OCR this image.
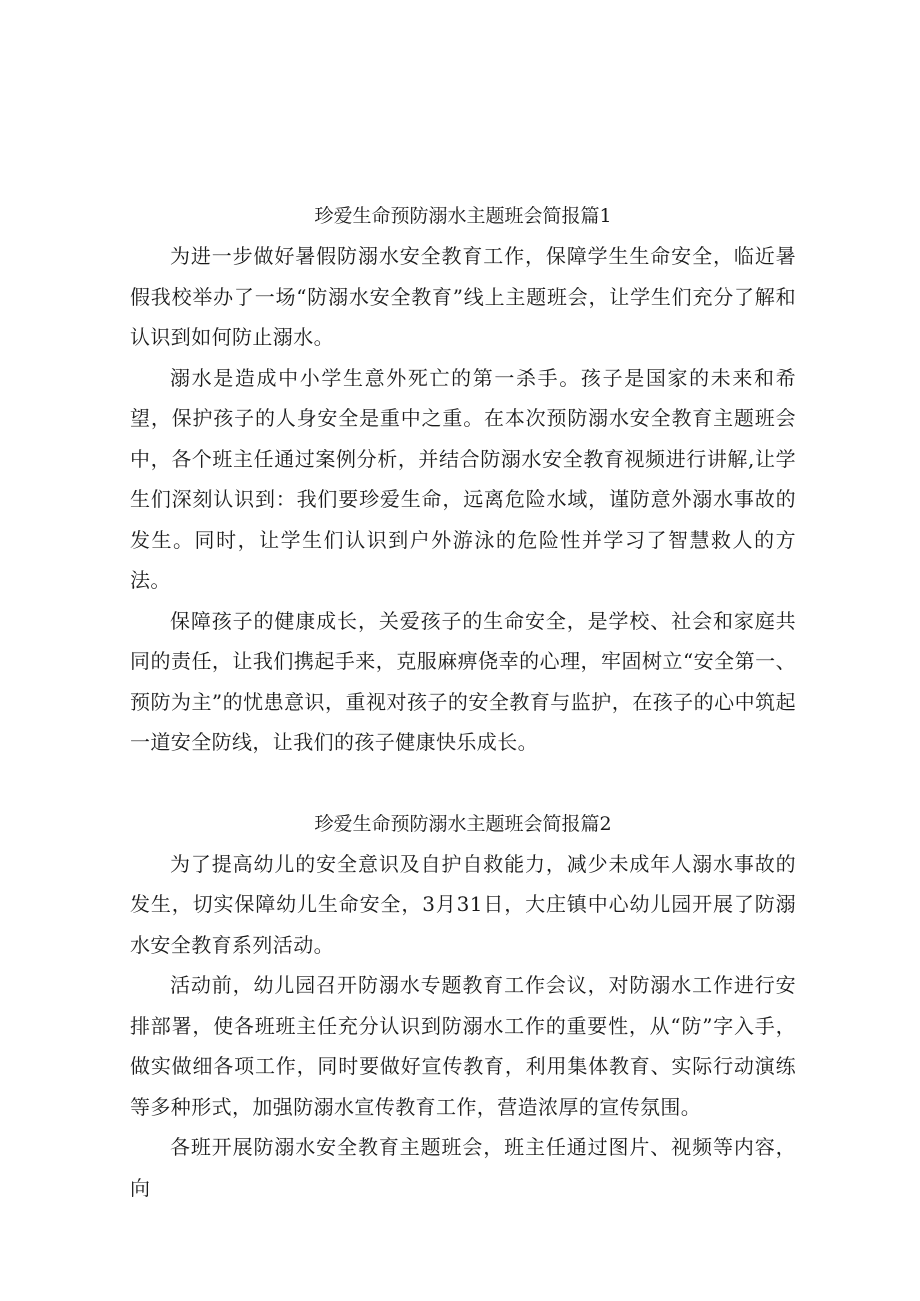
珍爱生命预防溺水主题班会简报篇1

为进一步做好暑假防溺水安全教育工作，保障学生生命安全，临近暑假我校举办了一场“防溺水安全教育”线上主题班会，让学生们充分了解和认识到如何防止溺水。

溺水是造成中小学生意外死亡的第一杀手。孩子是国家的未来和希望，保护孩子的人身安全是重中之重。在本次预防溺水安全教育主题班会中，各个班主任通过案例分析，并结合防溺水安全教育视频进行讲解,让学生们深刻认识到：我们要珍爱生命，远离危险水域，谨防意外溺水事故的发生。同时，让学生们认识到户外游泳的危险性并学习了智慧救人的方法。

保障孩子的健康成长，关爱孩子的生命安全，是学校、社会和家庭共同的责任，让我们携起手来，克服麻痹侥幸的心理，牢固树立“安全第一、预防为主”的忧患意识，重视对孩子的安全教育与监护，在孩子的心中筑起一道安全防线，让我们的孩子健康快乐成长。

珍爱生命预防溺水主题班会简报篇2

为了提高幼儿的安全意识及自护自救能力，减少未成年人溺水事故的发生，切实保障幼儿生命安全，3月31日，大庄镇中心幼儿园开展了防溺水安全教育系列活动。

活动前，幼儿园召开防溺水专题教育工作会议，对防溺水工作进行安排部署，使各班班主任充分认识到防溺水工作的重要性，从“防”字入手，做实做细各项工作，同时要做好宣传教育，利用集体教育、实际行动演练等多种形式，加强防溺水宣传教育工作，营造浓厚的宣传氛围。

各班开展防溺水安全教育主题班会，班主任通过图片、视频等内容，向
